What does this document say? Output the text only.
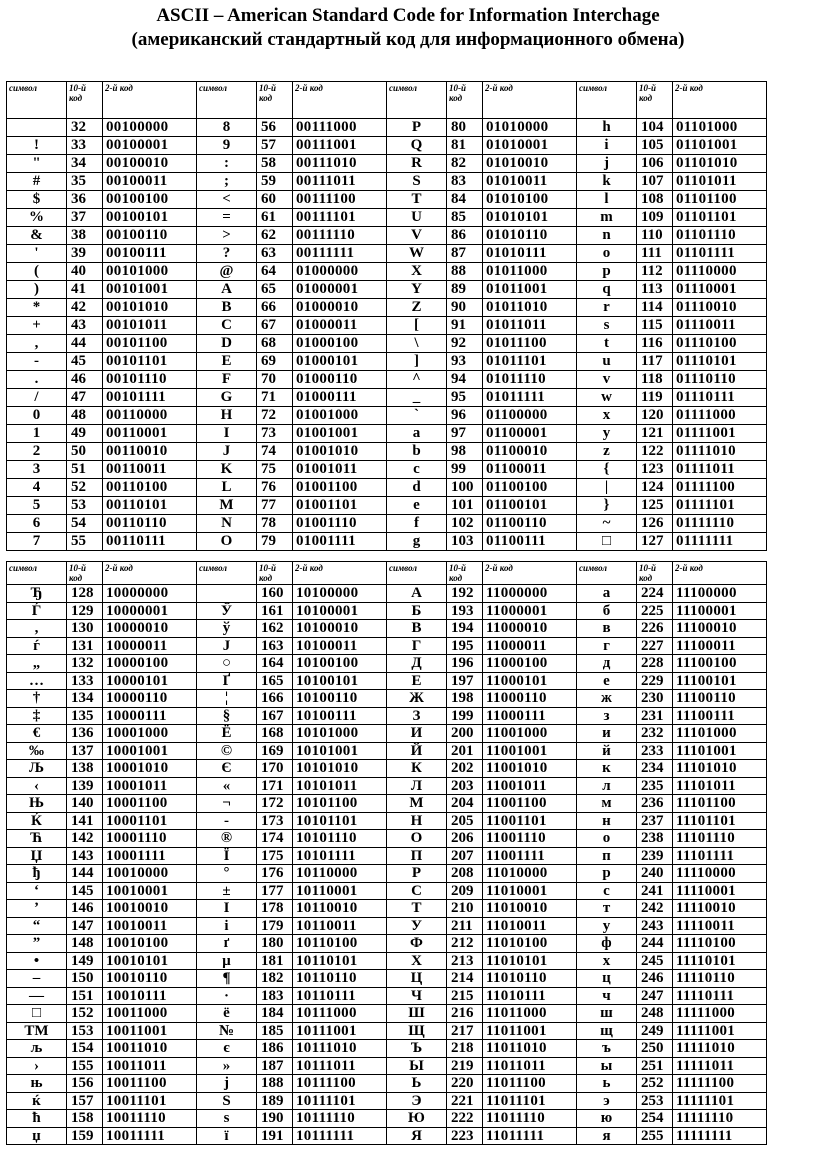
ASCII – American Standard Code for Information Interchage
(американский стандартный код для информационного обмена)
символ	10-й код	2-й код	символ	10-й код	2-й код	символ	10-й код	2-й код	символ	10-й код	2-й код
	32	00100000	8	56	00111000	P	80	01010000	h	104	01101000
!	33	00100001	9	57	00111001	Q	81	01010001	i	105	01101001
"	34	00100010	:	58	00111010	R	82	01010010	j	106	01101010
#	35	00100011	;	59	00111011	S	83	01010011	k	107	01101011
$	36	00100100	<	60	00111100	T	84	01010100	l	108	01101100
%	37	00100101	=	61	00111101	U	85	01010101	m	109	01101101
&	38	00100110	>	62	00111110	V	86	01010110	n	110	01101110
'	39	00100111	?	63	00111111	W	87	01010111	o	111	01101111
(	40	00101000	@	64	01000000	X	88	01011000	p	112	01110000
)	41	00101001	A	65	01000001	Y	89	01011001	q	113	01110001
*	42	00101010	B	66	01000010	Z	90	01011010	r	114	01110010
+	43	00101011	C	67	01000011	[	91	01011011	s	115	01110011
,	44	00101100	D	68	01000100	\	92	01011100	t	116	01110100
-	45	00101101	E	69	01000101	]	93	01011101	u	117	01110101
.	46	00101110	F	70	01000110	^	94	01011110	v	118	01110110
/	47	00101111	G	71	01000111	_	95	01011111	w	119	01110111
0	48	00110000	H	72	01001000	`	96	01100000	x	120	01111000
1	49	00110001	I	73	01001001	a	97	01100001	y	121	01111001
2	50	00110010	J	74	01001010	b	98	01100010	z	122	01111010
3	51	00110011	K	75	01001011	c	99	01100011	{	123	01111011
4	52	00110100	L	76	01001100	d	100	01100100	|	124	01111100
5	53	00110101	M	77	01001101	e	101	01100101	}	125	01111101
6	54	00110110	N	78	01001110	f	102	01100110	~	126	01111110
7	55	00110111	O	79	01001111	g	103	01100111	□	127	01111111
символ	10-й код	2-й код	символ	10-й код	2-й код	символ	10-й код	2-й код	символ	10-й код	2-й код
Ђ	128	10000000		160	10100000	А	192	11000000	а	224	11100000
Ѓ	129	10000001	Ў	161	10100001	Б	193	11000001	б	225	11100001
‚	130	10000010	ў	162	10100010	В	194	11000010	в	226	11100010
ѓ	131	10000011	Ј	163	10100011	Г	195	11000011	г	227	11100011
„	132	10000100	○	164	10100100	Д	196	11000100	д	228	11100100
…	133	10000101	Ґ	165	10100101	Е	197	11000101	е	229	11100101
†	134	10000110	¦	166	10100110	Ж	198	11000110	ж	230	11100110
‡	135	10000111	§	167	10100111	З	199	11000111	з	231	11100111
€	136	10001000	Ё	168	10101000	И	200	11001000	и	232	11101000
‰	137	10001001	©	169	10101001	Й	201	11001001	й	233	11101001
Љ	138	10001010	Є	170	10101010	К	202	11001010	к	234	11101010
‹	139	10001011	«	171	10101011	Л	203	11001011	л	235	11101011
Њ	140	10001100	¬	172	10101100	М	204	11001100	м	236	11101100
Ќ	141	10001101	-	173	10101101	Н	205	11001101	н	237	11101101
Ћ	142	10001110	®	174	10101110	О	206	11001110	о	238	11101110
Џ	143	10001111	Ї	175	10101111	П	207	11001111	п	239	11101111
ђ	144	10010000	°	176	10110000	Р	208	11010000	р	240	11110000
‘	145	10010001	±	177	10110001	С	209	11010001	с	241	11110001
’	146	10010010	І	178	10110010	Т	210	11010010	т	242	11110010
“	147	10010011	і	179	10110011	У	211	11010011	у	243	11110011
”	148	10010100	ґ	180	10110100	Ф	212	11010100	ф	244	11110100
•	149	10010101	µ	181	10110101	Х	213	11010101	х	245	11110101
–	150	10010110	¶	182	10110110	Ц	214	11010110	ц	246	11110110
—	151	10010111	·	183	10110111	Ч	215	11010111	ч	247	11110111
□	152	10011000	ё	184	10111000	Ш	216	11011000	ш	248	11111000
TM	153	10011001	№	185	10111001	Щ	217	11011001	щ	249	11111001
љ	154	10011010	є	186	10111010	Ъ	218	11011010	ъ	250	11111010
›	155	10011011	»	187	10111011	Ы	219	11011011	ы	251	11111011
њ	156	10011100	ј	188	10111100	Ь	220	11011100	ь	252	11111100
ќ	157	10011101	Ѕ	189	10111101	Э	221	11011101	э	253	11111101
ћ	158	10011110	ѕ	190	10111110	Ю	222	11011110	ю	254	11111110
џ	159	10011111	ї	191	10111111	Я	223	11011111	я	255	11111111
